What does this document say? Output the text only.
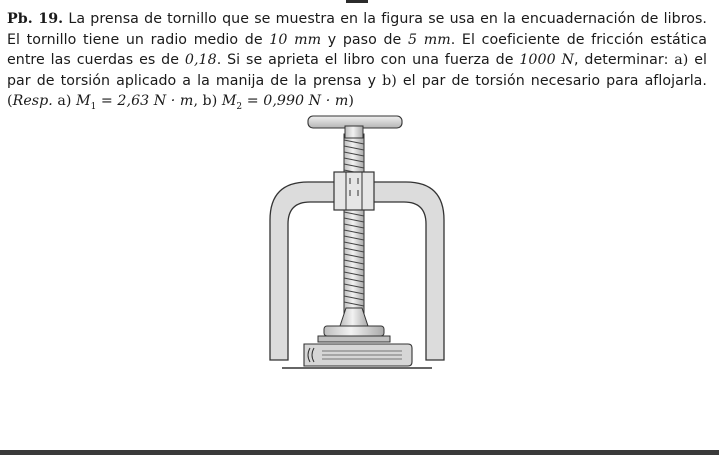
Pb. 19. La prensa de tornillo que se muestra en la figura se usa en la encuadernación de libros. El tornillo tiene un radio medio de 10 mm y paso de 5 mm. El coeficiente de fricción estática entre las cuerdas es de 0,18. Si se aprieta el libro con una fuerza de 1000 N, determinar: a) el par de torsión aplicado a la manija de la prensa y b) el par de torsión necesario para aflojarla. (Resp. a) $M_1 = 2,63$ N · m, b) $M_2 = 0,990$ N · m)
